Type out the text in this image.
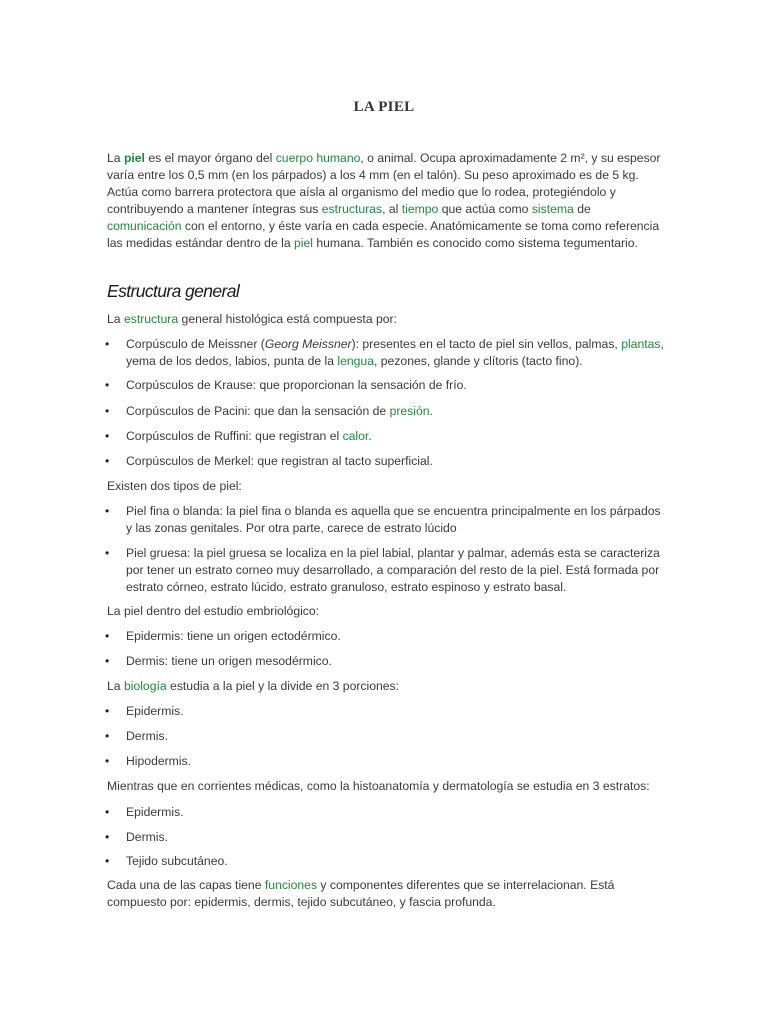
LA PIEL

La piel es el mayor órgano del cuerpo humano, o animal. Ocupa aproximadamente 2 m², y su espesor varía entre los 0,5 mm (en los párpados) a los 4 mm (en el talón). Su peso aproximado es de 5 kg. Actúa como barrera protectora que aísla al organismo del medio que lo rodea, protegiéndolo y contribuyendo a mantener íntegras sus estructuras, al tiempo que actúa como sistema de comunicación con el entorno, y éste varía en cada especie. Anatómicamente se toma como referencia las medidas estándar dentro de la piel humana. También es conocido como sistema tegumentario.

Estructura general

La estructura general histológica está compuesta por:

• Corpúsculo de Meissner (Georg Meissner): presentes en el tacto de piel sin vellos, palmas, plantas, yema de los dedos, labios, punta de la lengua, pezones, glande y clítoris (tacto fino).
• Corpúsculos de Krause: que proporcionan la sensación de frío.
• Corpúsculos de Pacini: que dan la sensación de presión.
• Corpúsculos de Ruffini: que registran el calor.
• Corpúsculos de Merkel: que registran al tacto superficial.

Existen dos tipos de piel:

• Piel fina o blanda: la piel fina o blanda es aquella que se encuentra principalmente en los párpados y las zonas genitales. Por otra parte, carece de estrato lúcido
• Piel gruesa: la piel gruesa se localiza en la piel labial, plantar y palmar, además esta se caracteriza por tener un estrato corneo muy desarrollado, a comparación del resto de la piel. Está formada por estrato córneo, estrato lúcido, estrato granuloso, estrato espinoso y estrato basal.

La piel dentro del estudio embriológico:

• Epidermis: tiene un origen ectodérmico.
• Dermis: tiene un origen mesodérmico.

La biología estudia a la piel y la divide en 3 porciones:

• Epidermis.
• Dermis.
• Hipodermis.

Mientras que en corrientes médicas, como la histoanatomía y dermatología se estudia en 3 estratos:

• Epidermis.
• Dermis.
• Tejido subcutáneo.

Cada una de las capas tiene funciones y componentes diferentes que se interrelacionan. Está compuesto por: epidermis, dermis, tejido subcutáneo, y fascia profunda.
